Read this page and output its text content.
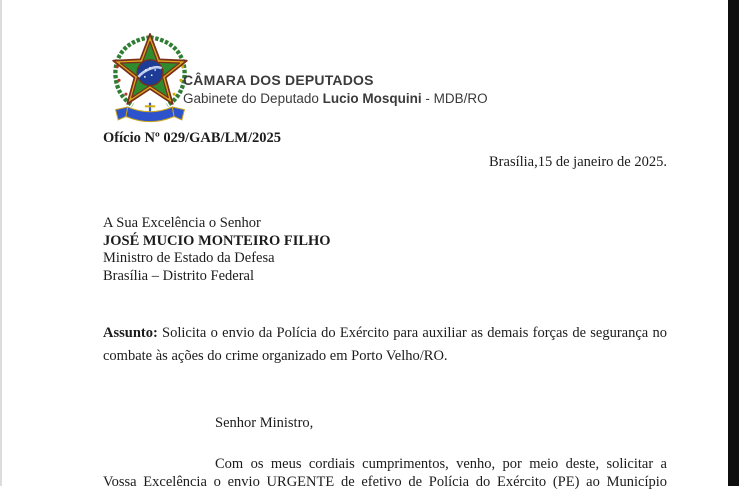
CÂMARA DOS DEPUTADOS
Gabinete do Deputado Lucio Mosquini - MDB/RO
Ofício Nº 029/GAB/LM/2025
Brasília,15 de janeiro de 2025.
A Sua Excelência o Senhor
JOSÉ MUCIO MONTEIRO FILHO
Ministro de Estado da Defesa
Brasília – Distrito Federal
Assunto: Solicita o envio da Polícia do Exército para auxiliar as demais forças de segurança no
combate às ações do crime organizado em Porto Velho/RO.
Senhor Ministro,
Com os meus cordiais cumprimentos, venho, por meio deste, solicitar a
Vossa Excelência o envio URGENTE de efetivo de Polícia do Exército (PE) ao Município
